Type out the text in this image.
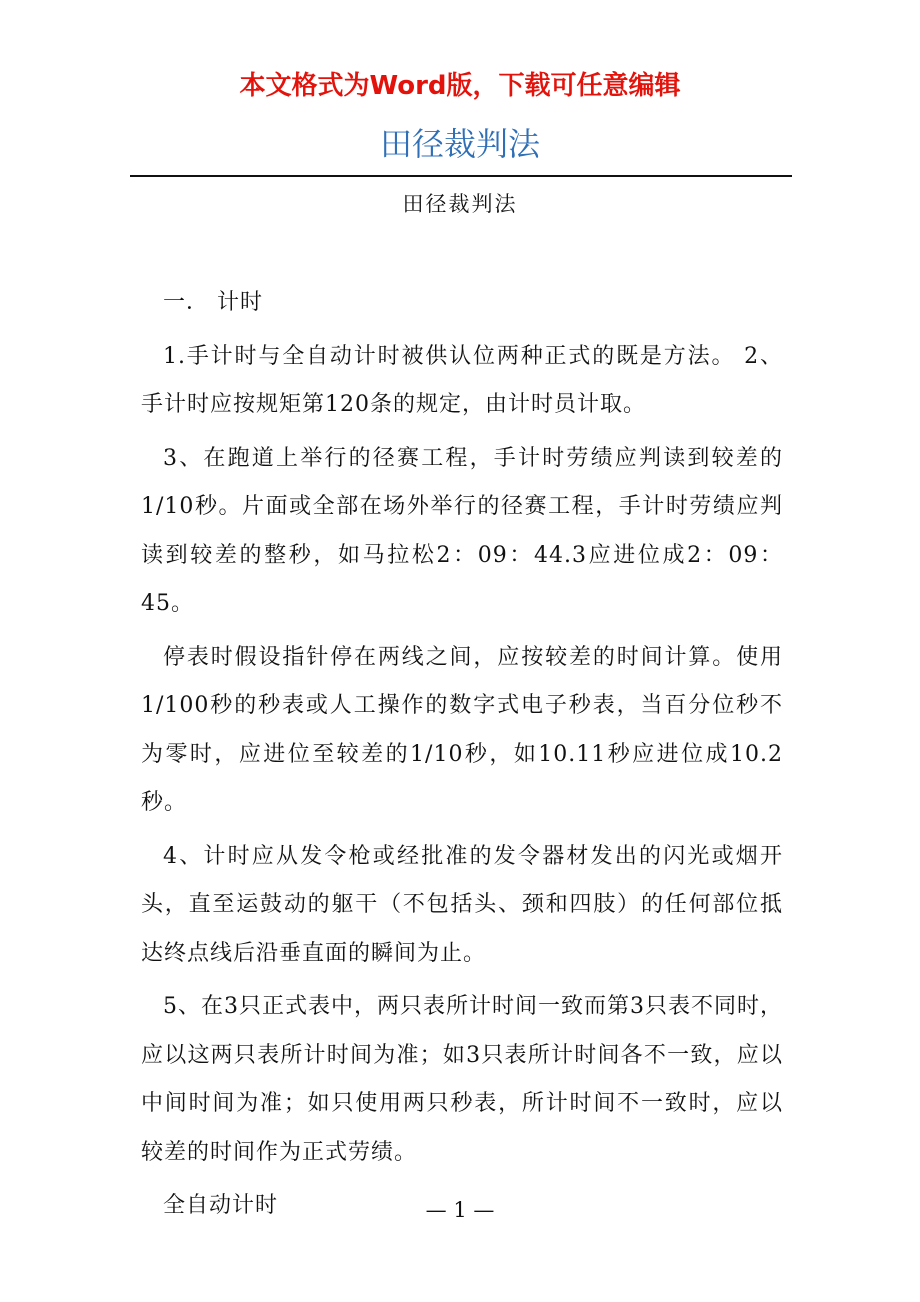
本文格式为Word版，下载可任意编辑
田径裁判法
田径裁判法

一． 计时

1.手计时与全自动计时被供认位两种正式的既是方法。 2、手计时应按规矩第120条的规定，由计时员计取。

3、在跑道上举行的径赛工程，手计时劳绩应判读到较差的1/10秒。片面或全部在场外举行的径赛工程，手计时劳绩应判读到较差的整秒，如马拉松2：09：44.3应进位成2：09：45。

停表时假设指针停在两线之间，应按较差的时间计算。使用1/100秒的秒表或人工操作的数字式电子秒表，当百分位秒不为零时，应进位至较差的1/10秒，如10.11秒应进位成10.2秒。

4、计时应从发令枪或经批准的发令器材发出的闪光或烟开头，直至运鼓动的躯干（不包括头、颈和四肢）的任何部位抵达终点线后沿垂直面的瞬间为止。

5、在3只正式表中，两只表所计时间一致而第3只表不同时，应以这两只表所计时间为准；如3只表所计时间各不一致，应以中间时间为准；如只使用两只秒表，所计时间不一致时，应以较差的时间作为正式劳绩。

全自动计时	— 1 —
